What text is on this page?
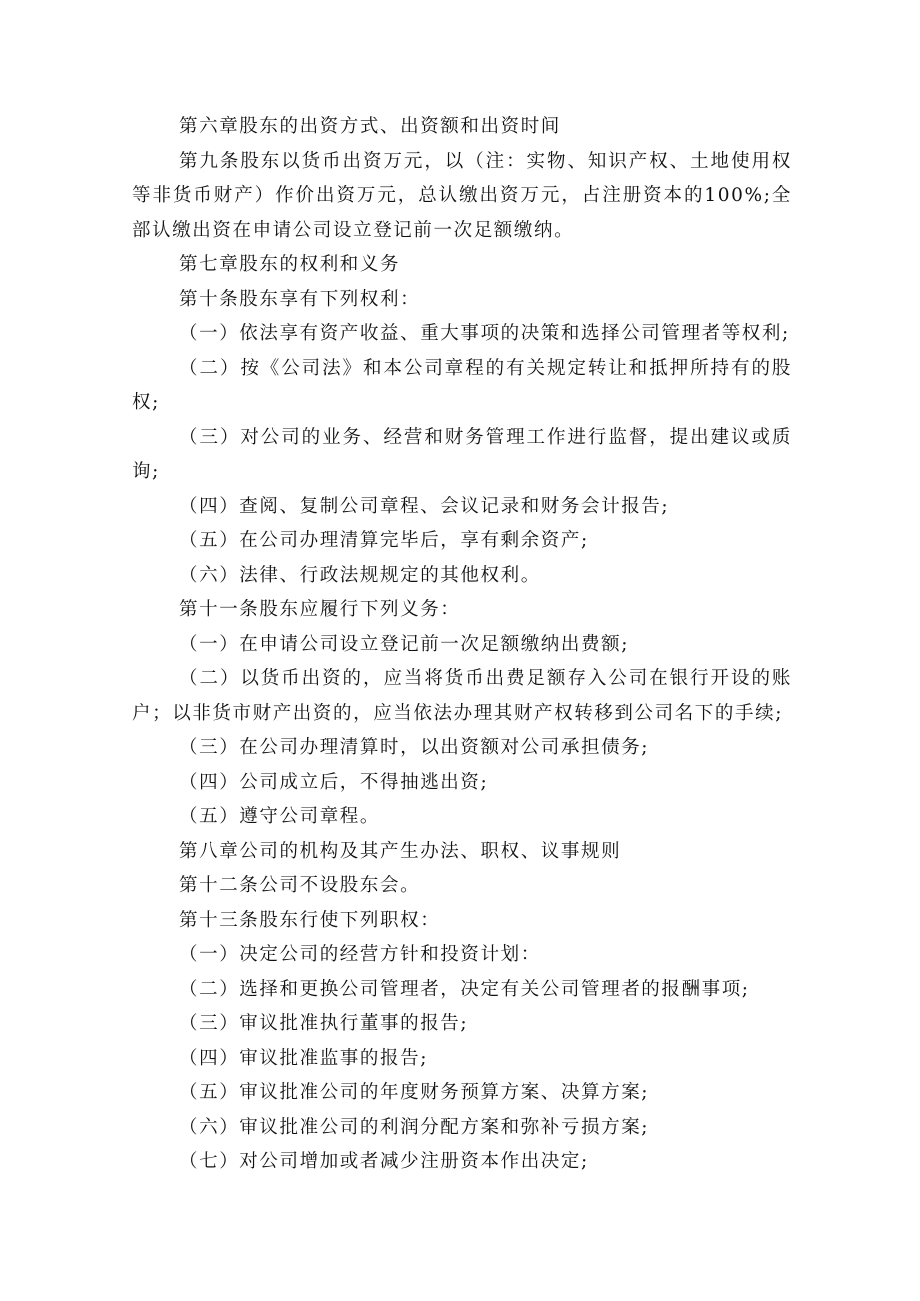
第六章股东的出资方式、出资额和出资时间

第九条股东以货币出资万元，以（注：实物、知识产权、土地使用权等非货币财产）作价出资万元，总认缴出资万元，占注册资本的100%;全部认缴出资在申请公司设立登记前一次足额缴纳。

第七章股东的权利和义务

第十条股东享有下列权利：

（一）依法享有资产收益、重大事项的决策和选择公司管理者等权利;

（二）按《公司法》和本公司章程的有关规定转让和抵押所持有的股权;

（三）对公司的业务、经营和财务管理工作进行监督，提出建议或质询;

（四）查阅、复制公司章程、会议记录和财务会计报告;

（五）在公司办理清算完毕后，享有剩余资产;

（六）法律、行政法规规定的其他权利。

第十一条股东应履行下列义务：

（一）在申请公司设立登记前一次足额缴纳出费额;

（二）以货币出资的，应当将货币出费足额存入公司在银行开设的账户；以非货市财产出资的，应当依法办理其财产权转移到公司名下的手续;

（三）在公司办理清算时，以出资额对公司承担债务;

（四）公司成立后，不得抽逃出资;

（五）遵守公司章程。

第八章公司的机构及其产生办法、职权、议事规则

第十二条公司不设股东会。

第十三条股东行使下列职权：

（一）决定公司的经营方针和投资计划：

（二）选择和更换公司管理者，决定有关公司管理者的报酬事项;

（三）审议批准执行董事的报告;

（四）审议批准监事的报告;

（五）审议批准公司的年度财务预算方案、决算方案;

（六）审议批准公司的利润分配方案和弥补亏损方案;

（七）对公司增加或者减少注册资本作出决定;
